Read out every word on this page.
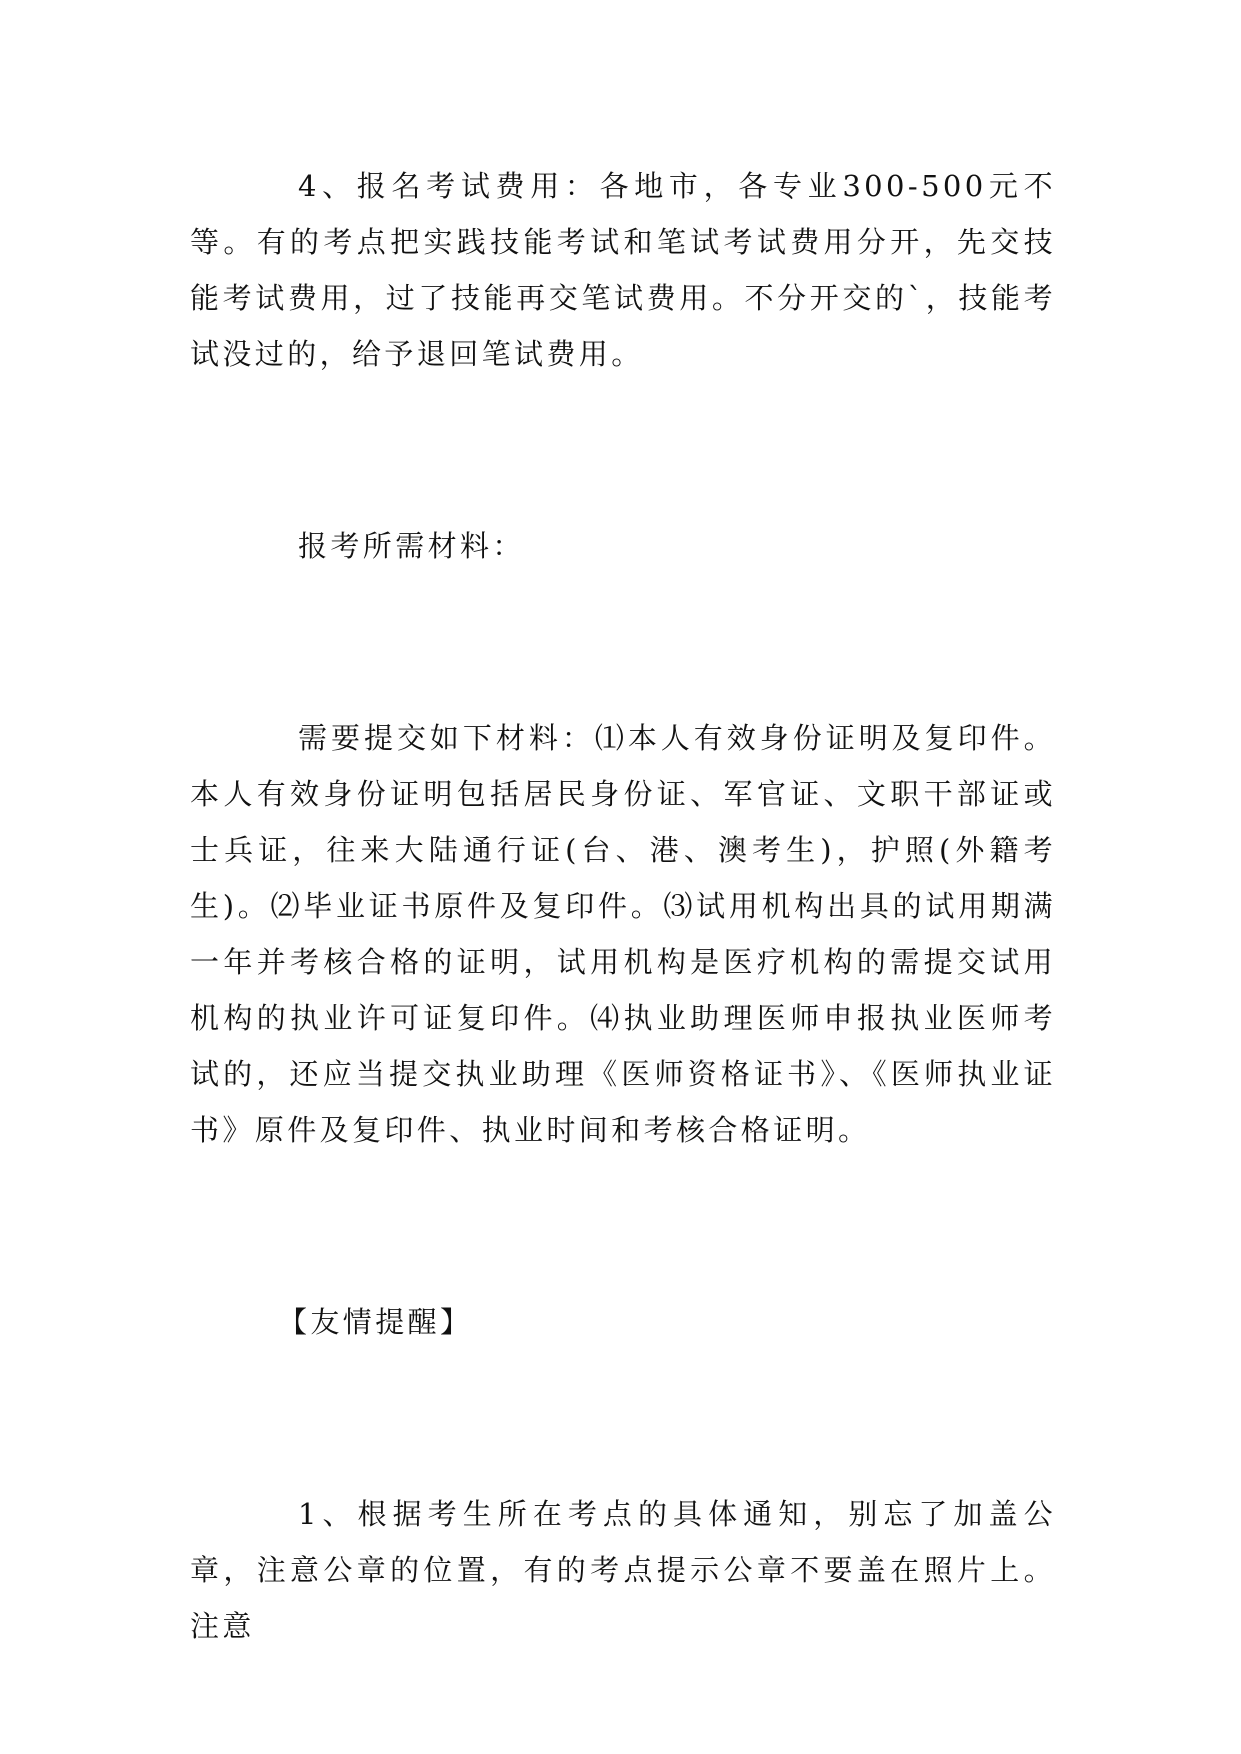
4、报名考试费用：各地市，各专业300-500元不等。有的考点把实践技能考试和笔试考试费用分开，先交技能考试费用，过了技能再交笔试费用。不分开交的`，技能考试没过的，给予退回笔试费用。

报考所需材料：

需要提交如下材料：⑴本人有效身份证明及复印件。本人有效身份证明包括居民身份证、军官证、文职干部证或士兵证，往来大陆通行证(台、港、澳考生)，护照(外籍考生)。⑵毕业证书原件及复印件。⑶试用机构出具的试用期满一年并考核合格的证明，试用机构是医疗机构的需提交试用机构的执业许可证复印件。⑷执业助理医师申报执业医师考试的，还应当提交执业助理《医师资格证书》、《医师执业证书》原件及复印件、执业时间和考核合格证明。

【友情提醒】

1、根据考生所在考点的具体通知，别忘了加盖公章，注意公章的位置，有的考点提示公章不要盖在照片上。注意
